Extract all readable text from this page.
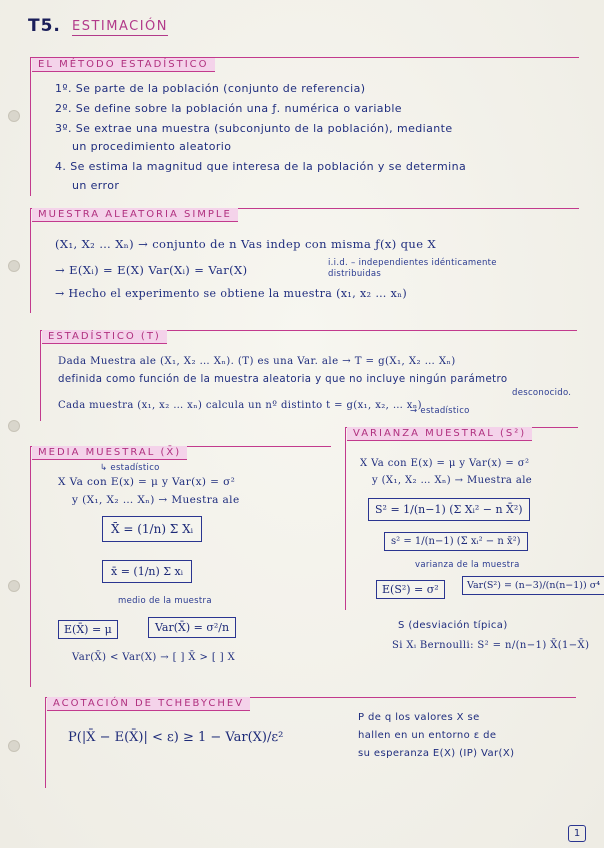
T5. ESTIMACIÓN
EL MÉTODO ESTADÍSTICO
1º. Se parte de la población (conjunto de referencia)
2º. Se define sobre la población una ƒ. numérica o variable
3º. Se extrae una muestra (subconjunto de la población), mediante
un procedimiento aleatorio
4. Se estima la magnitud que interesa de la población y se determina
un error
MUESTRA ALEATORIA SIMPLE
(X₁, X₂ … Xₙ) → conjunto de n Vas indep con misma ƒ(x) que X
→ E(Xᵢ) = E(X) Var(Xᵢ) = Var(X)	i.i.d. – independientes idénticamente distribuidas
→ Hecho el experimento se obtiene la muestra (x₁, x₂ … xₙ)
ESTADÍSTICO (T)
Dada Muestra ale (X₁, X₂ … Xₙ). (T) es una Var. ale → T = g(X₁, X₂ … Xₙ)
definida como función de la muestra aleatoria y que no incluye ningún parámetro
desconocido.
→ estadístico
Cada muestra (x₁, x₂ … xₙ) calcula un nº distinto t = g(x₁, x₂, … xₙ)
MEDIA MUESTRAL (X̄)
↳ estadístico
X Va con E(x) = μ y Var(x) = σ²
y (X₁, X₂ … Xₙ) → Muestra ale
X̄ = (1/n) Σ Xᵢ
x̄ = (1/n) Σ xᵢ
medio de la muestra
E(X̄) = μ	Var(X̄) = σ²/n
Var(X̄) < Var(X) → [ ] X̄ > [ ] X
VARIANZA MUESTRAL (S²)
X Va con E(x) = μ y Var(x) = σ²
y (X₁, X₂ … Xₙ) → Muestra ale
S² = 1/(n−1) (Σ Xᵢ² − n X̄²)
s² = 1/(n−1) (Σ xᵢ² − n x̄²)
varianza de la muestra
E(S²) = σ²	Var(S²) = (n−3)/(n(n−1)) σ⁴
S (desviación típica)
Si Xᵢ Bernoulli: S² = n/(n−1) X̄(1−X̄)
ACOTACIÓN DE TCHEBYCHEV
P(|X̄ − E(X̄)| < ε) ≥ 1 − Var(X)/ε²
P de q los valores X se
hallen en un entorno ε de
su esperanza E(X) (IP) Var(X)
1
